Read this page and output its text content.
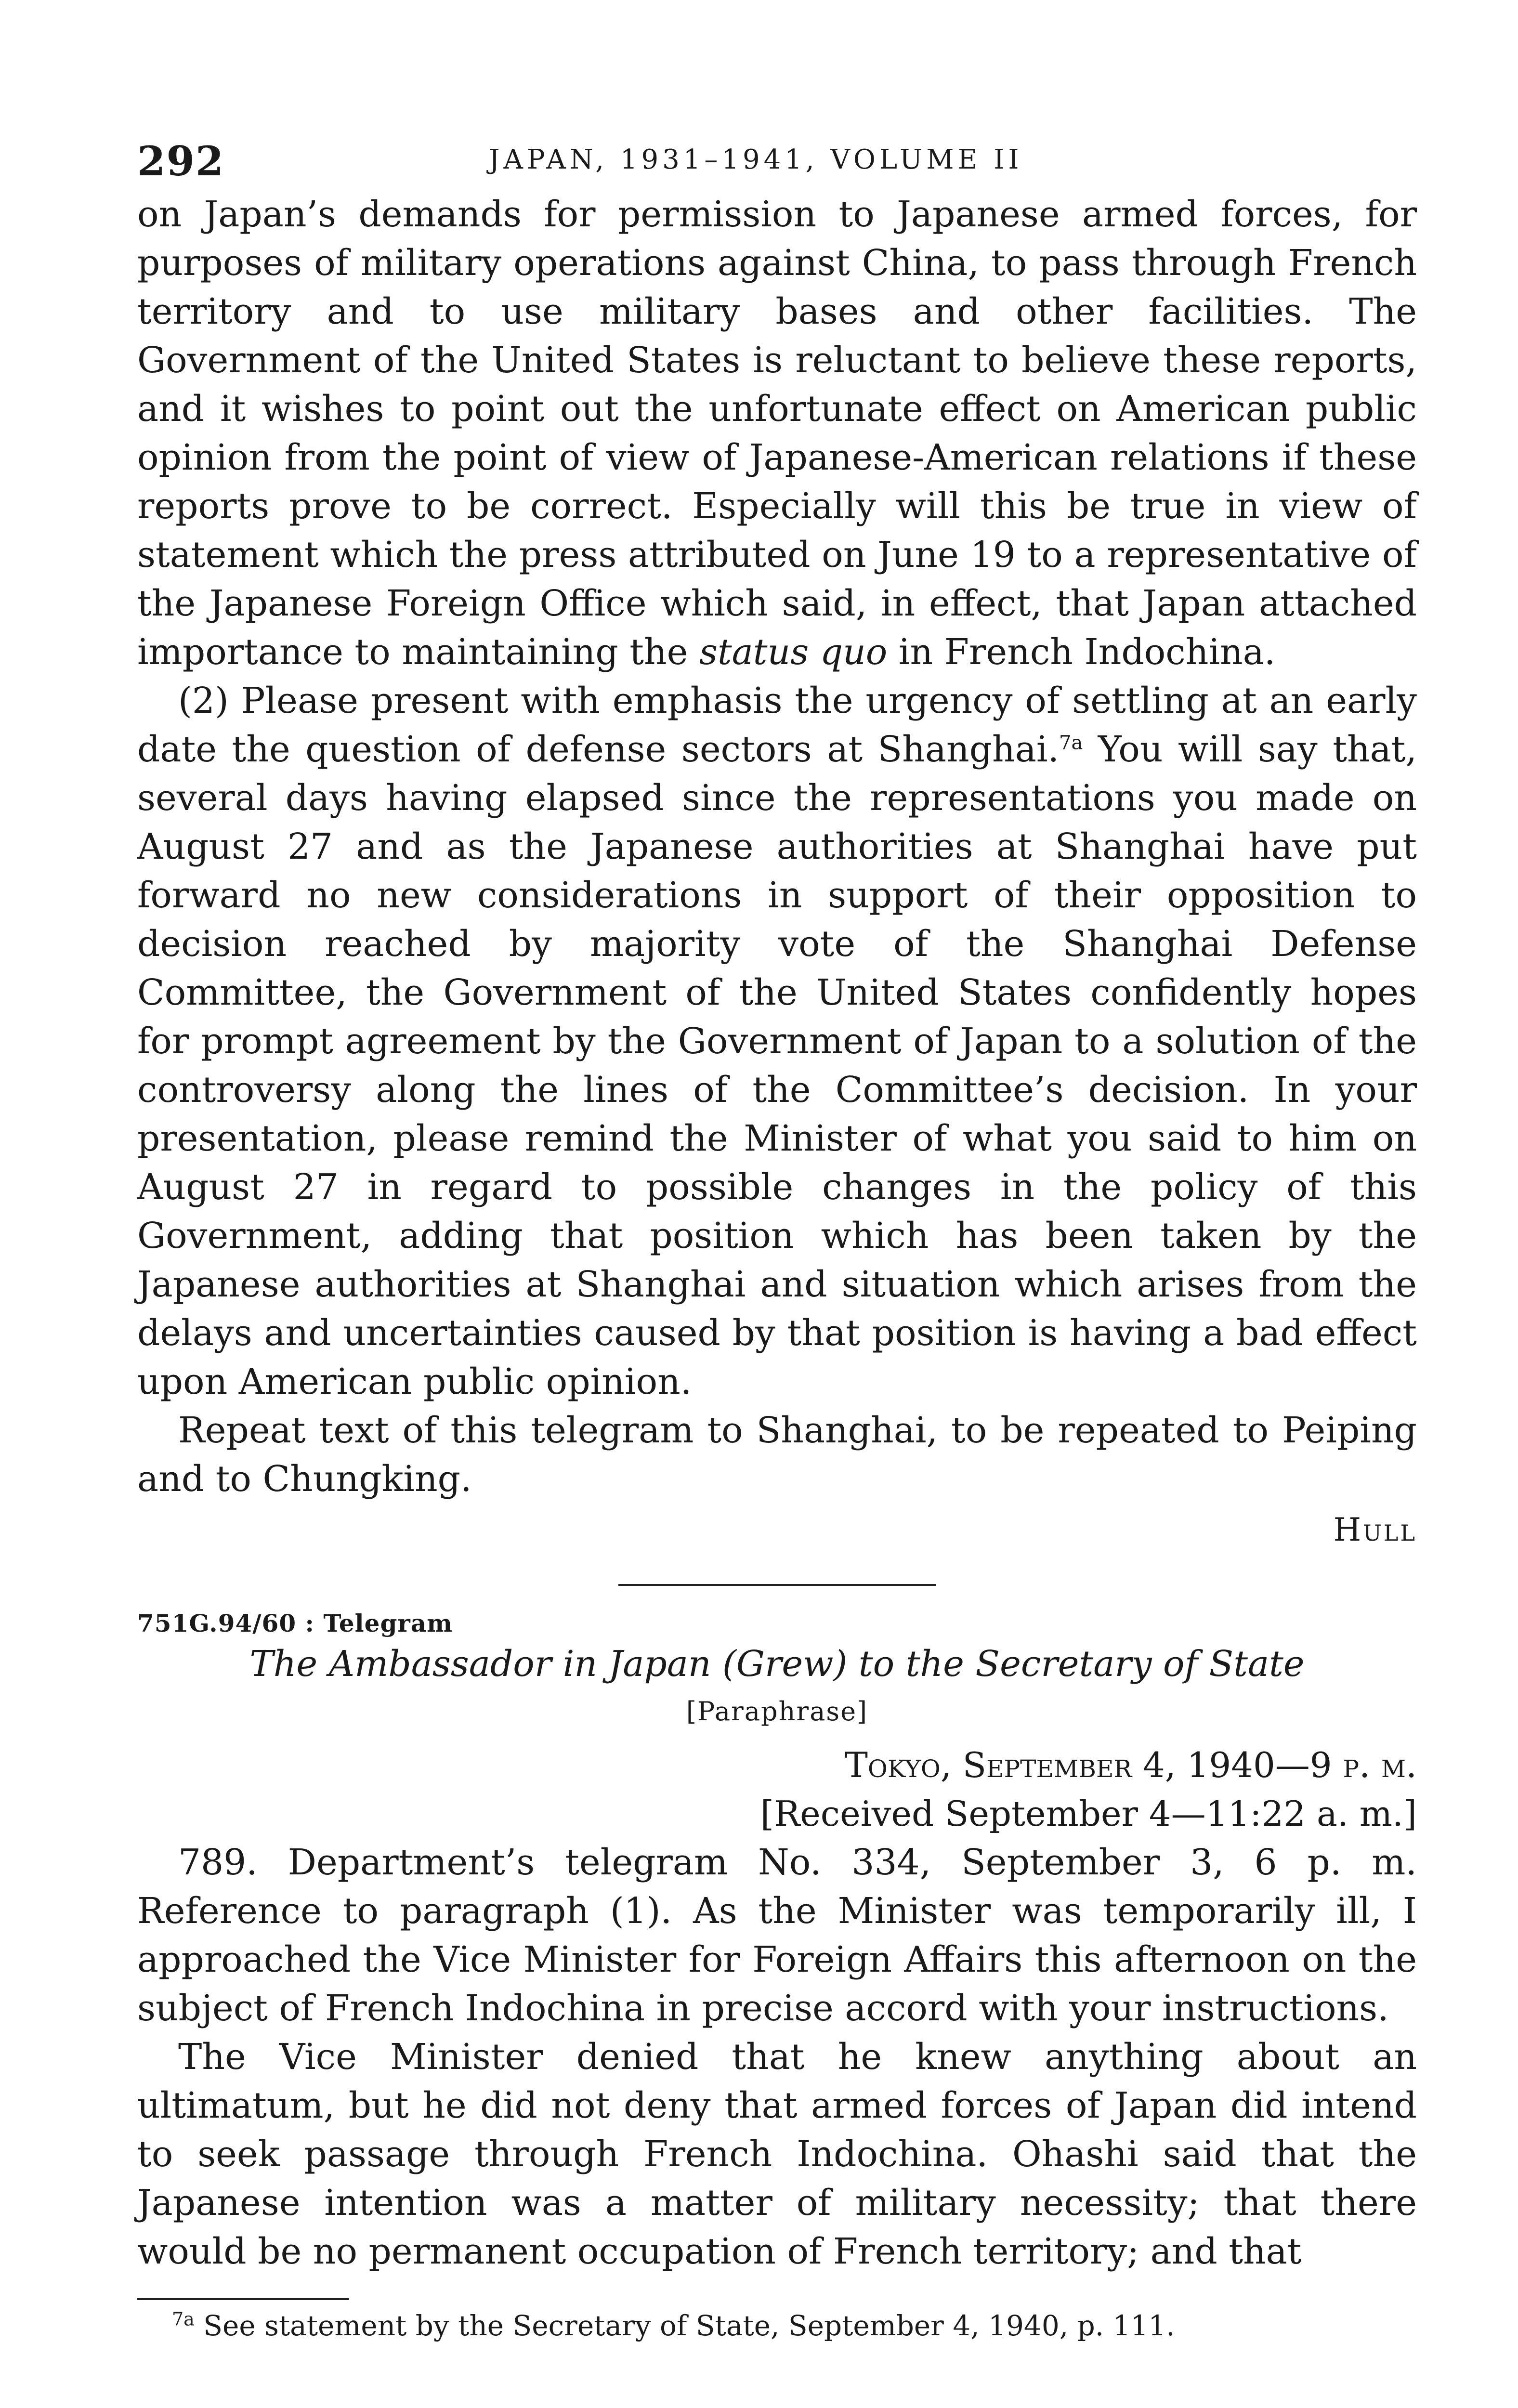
292	JAPAN, 1931–1941, VOLUME II

on Japan’s demands for permission to Japanese armed forces, for purposes of military operations against China, to pass through French territory and to use military bases and other facilities. The Government of the United States is reluctant to believe these reports, and it wishes to point out the unfortunate effect on American public opinion from the point of view of Japanese-American relations if these reports prove to be correct. Especially will this be true in view of statement which the press attributed on June 19 to a representative of the Japanese Foreign Office which said, in effect, that Japan attached importance to maintaining the status quo in French Indochina.

(2) Please present with emphasis the urgency of settling at an early date the question of defense sectors at Shanghai.$^{7a}$ You will say that, several days having elapsed since the representations you made on August 27 and as the Japanese authorities at Shanghai have put forward no new considerations in support of their opposition to decision reached by majority vote of the Shanghai Defense Committee, the Government of the United States confidently hopes for prompt agreement by the Government of Japan to a solution of the controversy along the lines of the Committee’s decision. In your presentation, please remind the Minister of what you said to him on August 27 in regard to possible changes in the policy of this Government, adding that position which has been taken by the Japanese authorities at Shanghai and situation which arises from the delays and uncertainties caused by that position is having a bad effect upon American public opinion.

Repeat text of this telegram to Shanghai, to be repeated to Peiping and to Chungking.

Hull
751G.94/60 : Telegram
The Ambassador in Japan (Grew) to the Secretary of State
[Paraphrase]
Tokyo, September 4, 1940—9 p. m.
[Received September 4—11:22 a. m.]

789. Department’s telegram No. 334, September 3, 6 p. m. Reference to paragraph (1). As the Minister was temporarily ill, I approached the Vice Minister for Foreign Affairs this afternoon on the subject of French Indochina in precise accord with your instructions.

The Vice Minister denied that he knew anything about an ultimatum, but he did not deny that armed forces of Japan did intend to seek passage through French Indochina. Ohashi said that the Japanese intention was a matter of military necessity; that there would be no permanent occupation of French territory; and that

$^{7a}$ See statement by the Secretary of State, September 4, 1940, p. 111.
